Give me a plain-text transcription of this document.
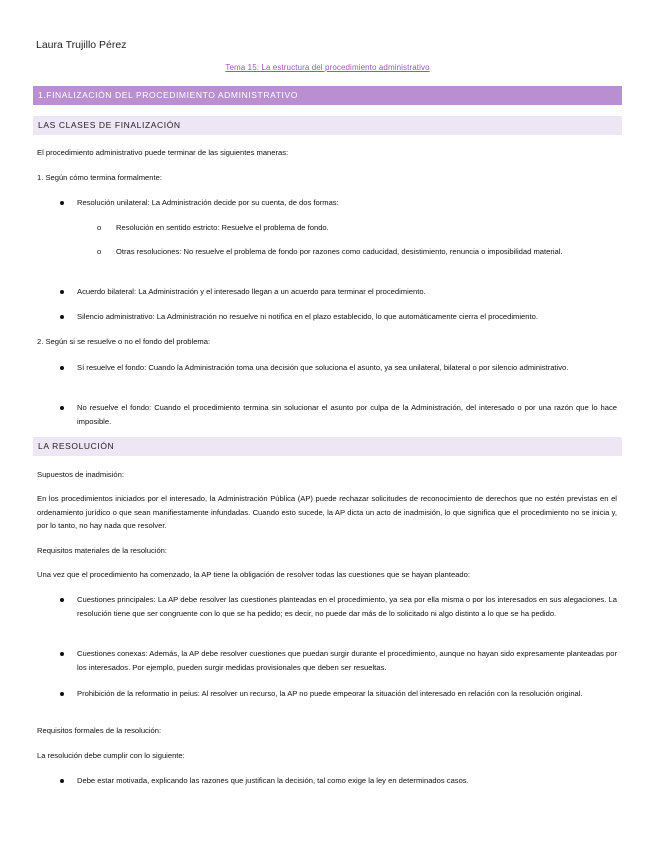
Laura Trujillo Pérez
Tema 15: La estructura del procedimiento administrativo
1.FINALIZACIÓN DEL PROCEDIMIENTO ADMINISTRATIVO
LAS CLASES DE FINALIZACIÓN

El procedimiento administrativo puede terminar de las siguientes maneras:

1. Según cómo termina formalmente:

Resolución unilateral: La Administración decide por su cuenta, de dos formas:

o Resolución en sentido estricto: Resuelve el problema de fondo.

o Otras resoluciones: No resuelve el problema de fondo por razones como caducidad, desistimiento, renuncia o imposibilidad material.

Acuerdo bilateral: La Administración y el interesado llegan a un acuerdo para terminar el procedimiento.

Silencio administrativo: La Administración no resuelve ni notifica en el plazo establecido, lo que automáticamente cierra el procedimiento.

2. Según si se resuelve o no el fondo del problema:

Sí resuelve el fondo: Cuando la Administración toma una decisión que soluciona el asunto, ya sea unilateral, bilateral o por silencio administrativo.

No resuelve el fondo: Cuando el procedimiento termina sin solucionar el asunto por culpa de la Administración, del interesado o por una razón que lo hace imposible.

LA RESOLUCIÓN

Supuestos de inadmisión:

En los procedimientos iniciados por el interesado, la Administración Pública (AP) puede rechazar solicitudes de reconocimiento de derechos que no estén previstas en el ordenamiento jurídico o que sean manifiestamente infundadas. Cuando esto sucede, la AP dicta un acto de inadmisión, lo que significa que el procedimiento no se inicia y, por lo tanto, no hay nada que resolver.

Requisitos materiales de la resolución:

Una vez que el procedimiento ha comenzado, la AP tiene la obligación de resolver todas las cuestiones que se hayan planteado:

Cuestiones principales: La AP debe resolver las cuestiones planteadas en el procedimiento, ya sea por ella misma o por los interesados en sus alegaciones. La resolución tiene que ser congruente con lo que se ha pedido; es decir, no puede dar más de lo solicitado ni algo distinto a lo que se ha pedido.

Cuestiones conexas: Además, la AP debe resolver cuestiones que puedan surgir durante el procedimiento, aunque no hayan sido expresamente planteadas por los interesados. Por ejemplo, pueden surgir medidas provisionales que deben ser resueltas.

Prohibición de la reformatio in peius: Al resolver un recurso, la AP no puede empeorar la situación del interesado en relación con la resolución original.

Requisitos formales de la resolución:

La resolución debe cumplir con lo siguiente:

Debe estar motivada, explicando las razones que justifican la decisión, tal como exige la ley en determinados casos.
